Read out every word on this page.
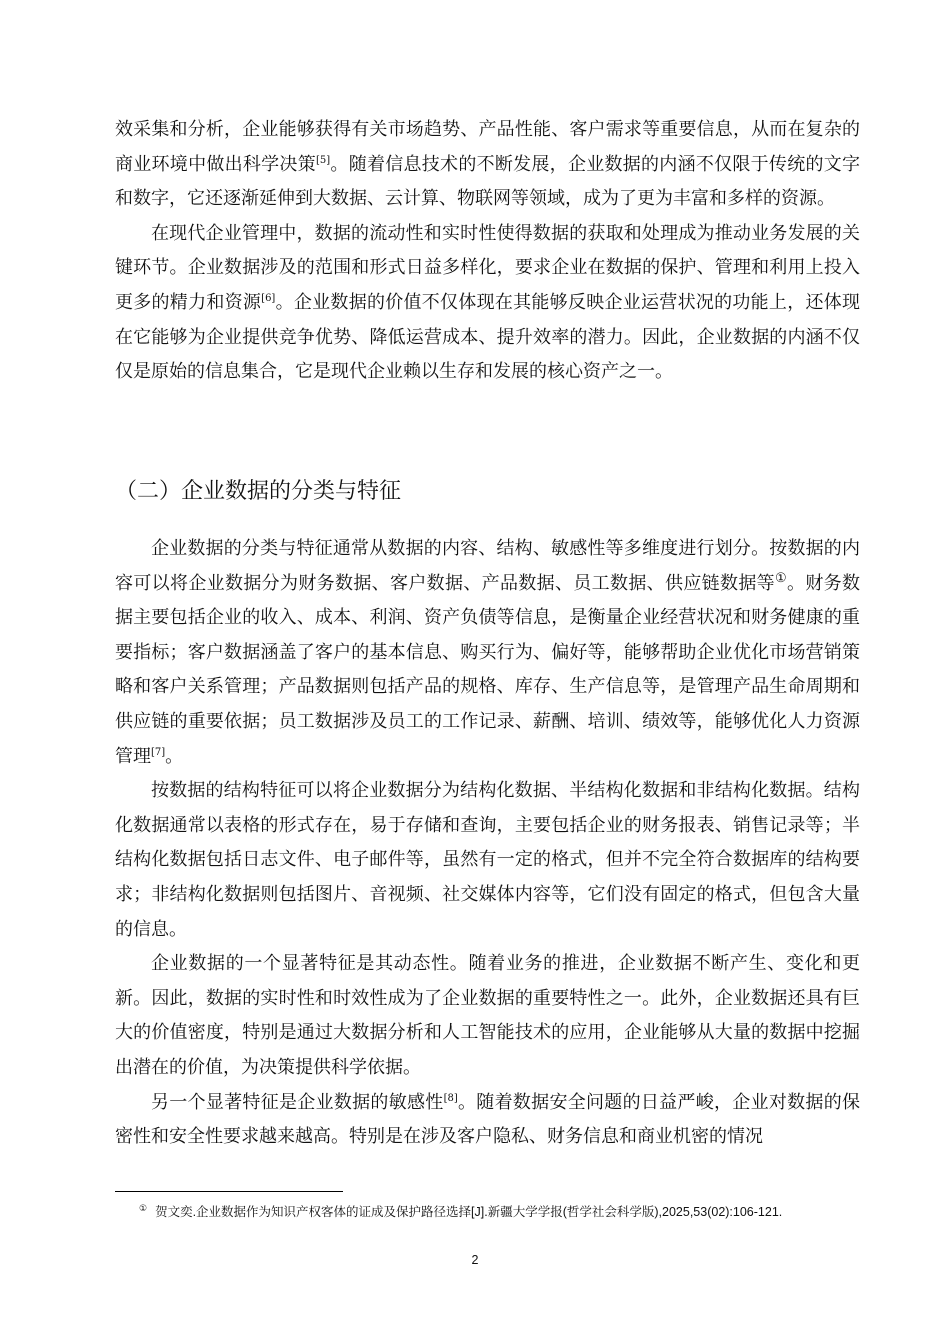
效采集和分析，企业能够获得有关市场趋势、产品性能、客户需求等重要信息，从而在复杂的商业环境中做出科学决策[5]。随着信息技术的不断发展，企业数据的内涵不仅限于传统的文字和数字，它还逐渐延伸到大数据、云计算、物联网等领域，成为了更为丰富和多样的资源。

在现代企业管理中，数据的流动性和实时性使得数据的获取和处理成为推动业务发展的关键环节。企业数据涉及的范围和形式日益多样化，要求企业在数据的保护、管理和利用上投入更多的精力和资源[6]。企业数据的价值不仅体现在其能够反映企业运营状况的功能上，还体现在它能够为企业提供竞争优势、降低运营成本、提升效率的潜力。因此，企业数据的内涵不仅仅是原始的信息集合，它是现代企业赖以生存和发展的核心资产之一。

（二）企业数据的分类与特征

企业数据的分类与特征通常从数据的内容、结构、敏感性等多维度进行划分。按数据的内容可以将企业数据分为财务数据、客户数据、产品数据、员工数据、供应链数据等①。财务数据主要包括企业的收入、成本、利润、资产负债等信息，是衡量企业经营状况和财务健康的重要指标；客户数据涵盖了客户的基本信息、购买行为、偏好等，能够帮助企业优化市场营销策略和客户关系管理；产品数据则包括产品的规格、库存、生产信息等，是管理产品生命周期和供应链的重要依据；员工数据涉及员工的工作记录、薪酬、培训、绩效等，能够优化人力资源管理[7]。

按数据的结构特征可以将企业数据分为结构化数据、半结构化数据和非结构化数据。结构化数据通常以表格的形式存在，易于存储和查询，主要包括企业的财务报表、销售记录等；半结构化数据包括日志文件、电子邮件等，虽然有一定的格式，但并不完全符合数据库的结构要求；非结构化数据则包括图片、音视频、社交媒体内容等，它们没有固定的格式，但包含大量的信息。

企业数据的一个显著特征是其动态性。随着业务的推进，企业数据不断产生、变化和更新。因此，数据的实时性和时效性成为了企业数据的重要特性之一。此外，企业数据还具有巨大的价值密度，特别是通过大数据分析和人工智能技术的应用，企业能够从大量的数据中挖掘出潜在的价值，为决策提供科学依据。

另一个显著特征是企业数据的敏感性[8]。随着数据安全问题的日益严峻，企业对数据的保密性和安全性要求越来越高。特别是在涉及客户隐私、财务信息和商业机密的情况

① 贺文奕.企业数据作为知识产权客体的证成及保护路径选择[J].新疆大学学报(哲学社会科学版),2025,53(02):106-121.

2
